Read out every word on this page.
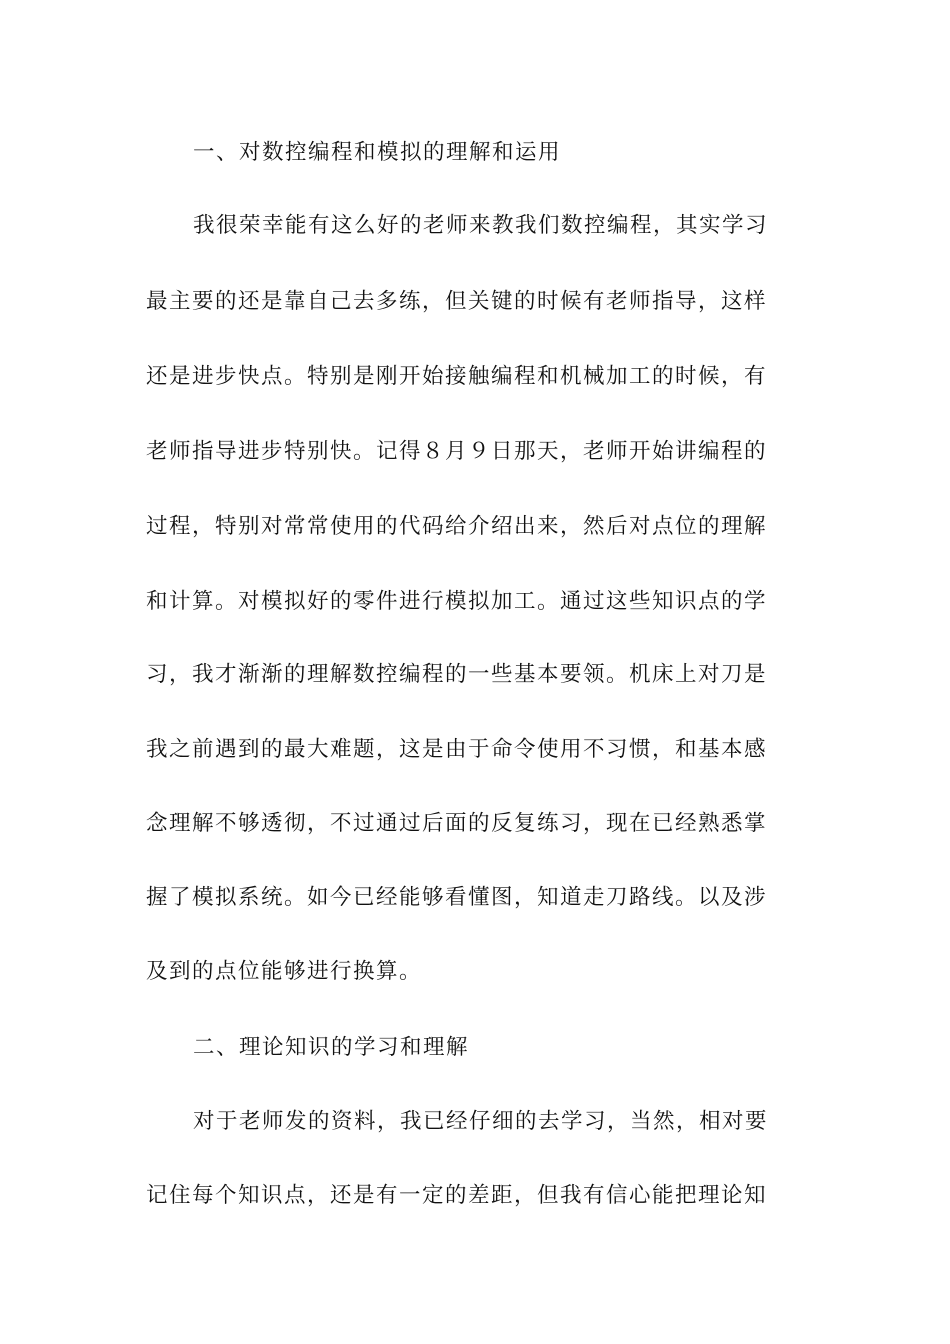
一、对数控编程和模拟的理解和运用
我很荣幸能有这么好的老师来教我们数控编程，其实学习
最主要的还是靠自己去多练，但关键的时候有老师指导，这样
还是进步快点。特别是刚开始接触编程和机械加工的时候，有
老师指导进步特别快。记得８月９日那天，老师开始讲编程的
过程，特别对常常使用的代码给介绍出来，然后对点位的理解
和计算。对模拟好的零件进行模拟加工。通过这些知识点的学
习，我才渐渐的理解数控编程的一些基本要领。机床上对刀是
我之前遇到的最大难题，这是由于命令使用不习惯，和基本感
念理解不够透彻，不过通过后面的反复练习，现在已经熟悉掌
握了模拟系统。如今已经能够看懂图，知道走刀路线。以及涉
及到的点位能够进行换算。
二、理论知识的学习和理解
对于老师发的资料，我已经仔细的去学习，当然，相对要
记住每个知识点，还是有一定的差距，但我有信心能把理论知
